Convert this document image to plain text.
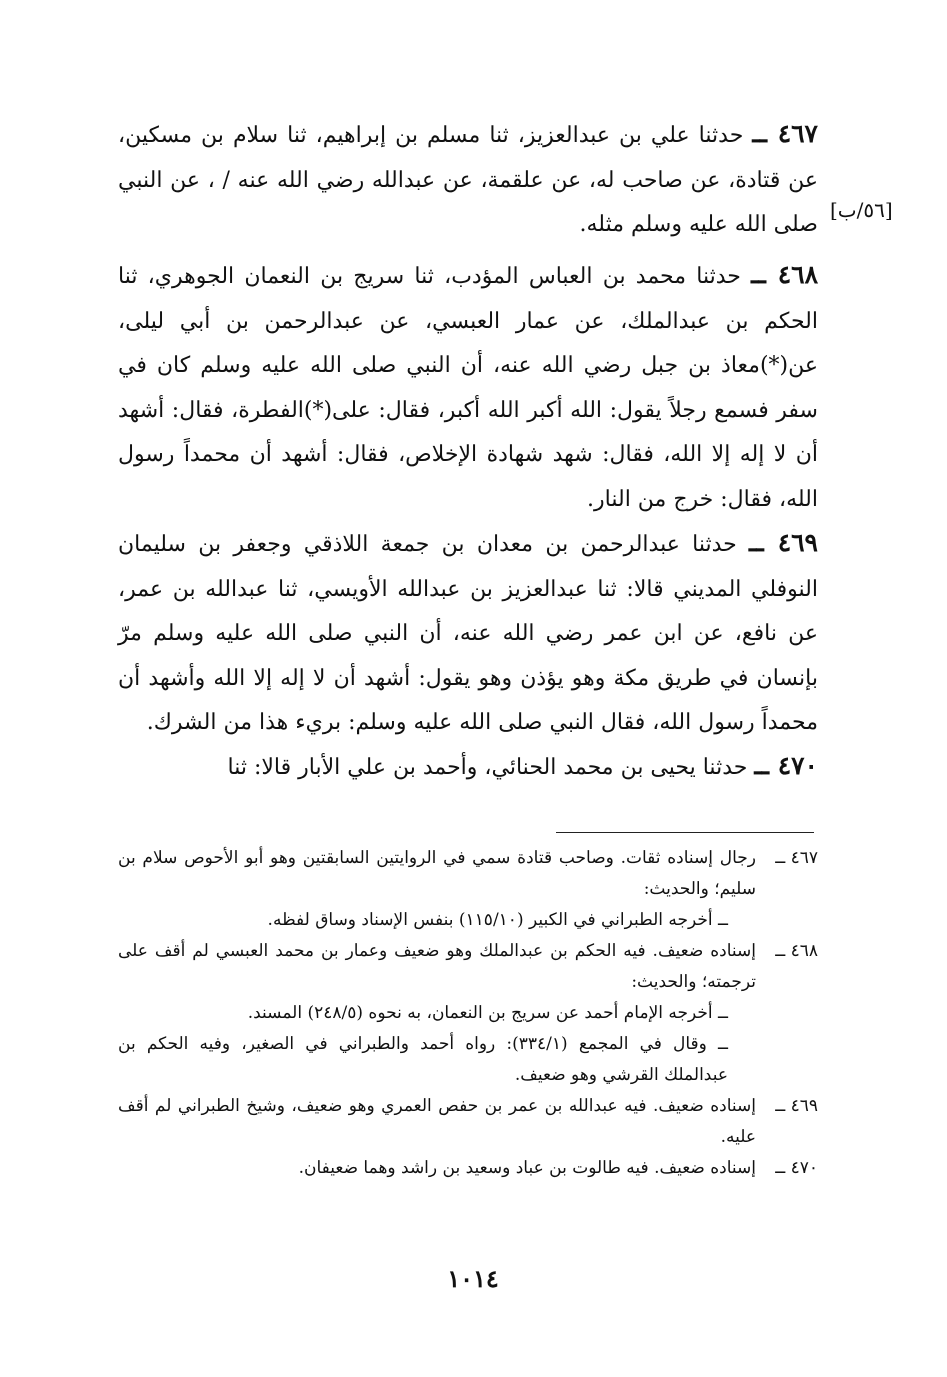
[٥٦/ب]

٤٦٧ ــ حدثنا علي بن عبدالعزيز، ثنا مسلم بن إبراهيم، ثنا سلام بن مسكين، عن قتادة، عن صاحب له، عن علقمة، عن عبدالله رضي الله عنه / ، عن النبي صلى الله عليه وسلم مثله.

٤٦٨ ــ حدثنا محمد بن العباس المؤدب، ثنا سريج بن النعمان الجوهري، ثنا الحكم بن عبدالملك، عن عمار العبسي، عن عبدالرحمن بن أبي ليلى، عن(*)معاذ بن جبل رضي الله عنه، أن النبي صلى الله عليه وسلم كان في سفر فسمع رجلاً يقول: الله أكبر الله أكبر، فقال: على(*)الفطرة، فقال: أشهد أن لا إله إلا الله، فقال: شهد شهادة الإخلاص، فقال: أشهد أن محمداً رسول الله، فقال: خرج من النار.

٤٦٩ ــ حدثنا عبدالرحمن بن معدان بن جمعة اللاذقي وجعفر بن سليمان النوفلي المديني قالا: ثنا عبدالعزيز بن عبدالله الأويسي، ثنا عبدالله بن عمر، عن نافع، عن ابن عمر رضي الله عنه، أن النبي صلى الله عليه وسلم مرّ بإنسان في طريق مكة وهو يؤذن وهو يقول: أشهد أن لا إله إلا الله وأشهد أن محمداً رسول الله، فقال النبي صلى الله عليه وسلم: بريء هذا من الشرك.

٤٧٠ ــ حدثنا يحيى بن محمد الحنائي، وأحمد بن علي الأبار قالا: ثنا

٤٦٧ ــ
رجال إسناده ثقات. وصاحب قتادة سمي في الروايتين السابقتين وهو أبو الأحوص سلام بن سليم؛ والحديث:
ــ أخرجه الطبراني في الكبير (١١٥/١٠) بنفس الإسناد وساق لفظه.
٤٦٨ ــ
إسناده ضعيف. فيه الحكم بن عبدالملك وهو ضعيف وعمار بن محمد العبسي لم أقف على ترجمته؛ والحديث:
ــ أخرجه الإمام أحمد عن سريج بن النعمان، به نحوه (٢٤٨/٥) المسند.
ــ وقال في المجمع (٣٣٤/١): رواه أحمد والطبراني في الصغير، وفيه الحكم بن عبدالملك القرشي وهو ضعيف.
٤٦٩ ــ
إسناده ضعيف. فيه عبدالله بن عمر بن حفص العمري وهو ضعيف، وشيخ الطبراني لم أقف عليه.
٤٧٠ ــ
إسناده ضعيف. فيه طالوت بن عباد وسعيد بن راشد وهما ضعيفان.
١٠١٤
